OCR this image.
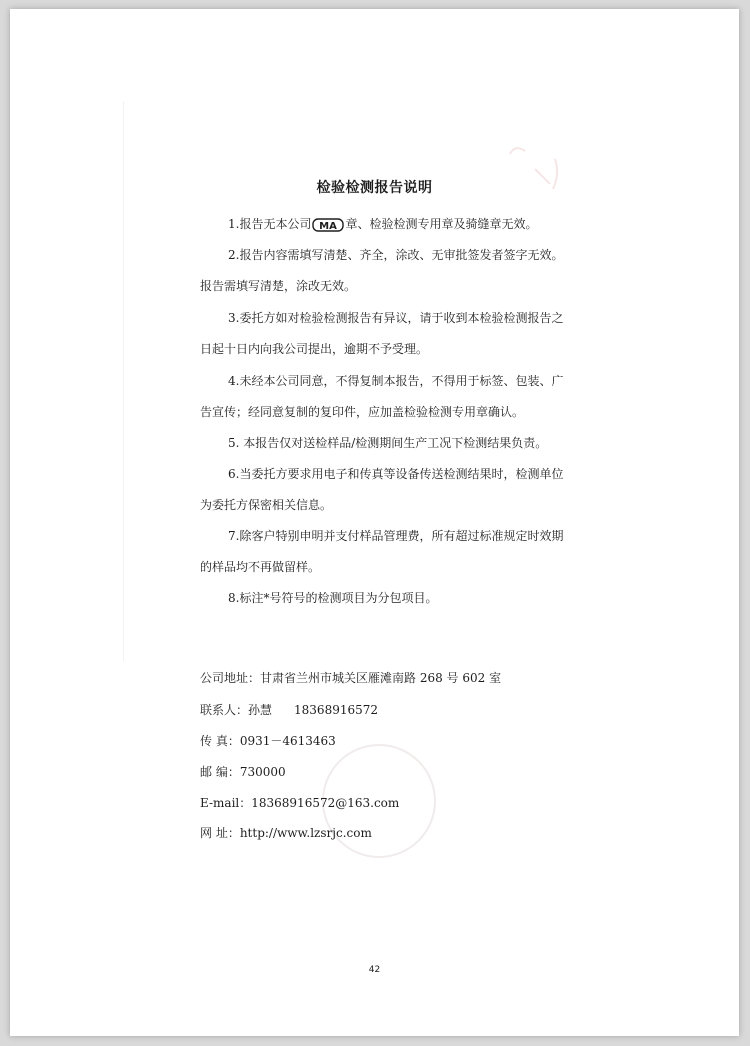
检验检测报告说明
1.报告无本公司 MA 章、检验检测专用章及骑缝章无效。
2.报告内容需填写清楚、齐全，涂改、无审批签发者签字无效。
报告需填写清楚，涂改无效。
3.委托方如对检验检测报告有异议，请于收到本检验检测报告之
日起十日内向我公司提出，逾期不予受理。
4.未经本公司同意，不得复制本报告，不得用于标签、包装、广
告宣传；经同意复制的复印件，应加盖检验检测专用章确认。
5. 本报告仅对送检样品/检测期间生产工况下检测结果负责。
6.当委托方要求用电子和传真等设备传送检测结果时，检测单位
为委托方保密相关信息。
7.除客户特别申明并支付样品管理费，所有超过标准规定时效期
的样品均不再做留样。
8.标注*号符号的检测项目为分包项目。
公司地址：甘肃省兰州市城关区雁滩南路 268 号 602 室
联系人：孙慧 18368916572
传 真：0931－4613463
邮 编：730000
E-mail：18368916572@163.com
网 址：http://www.lzsrjc.com
42
